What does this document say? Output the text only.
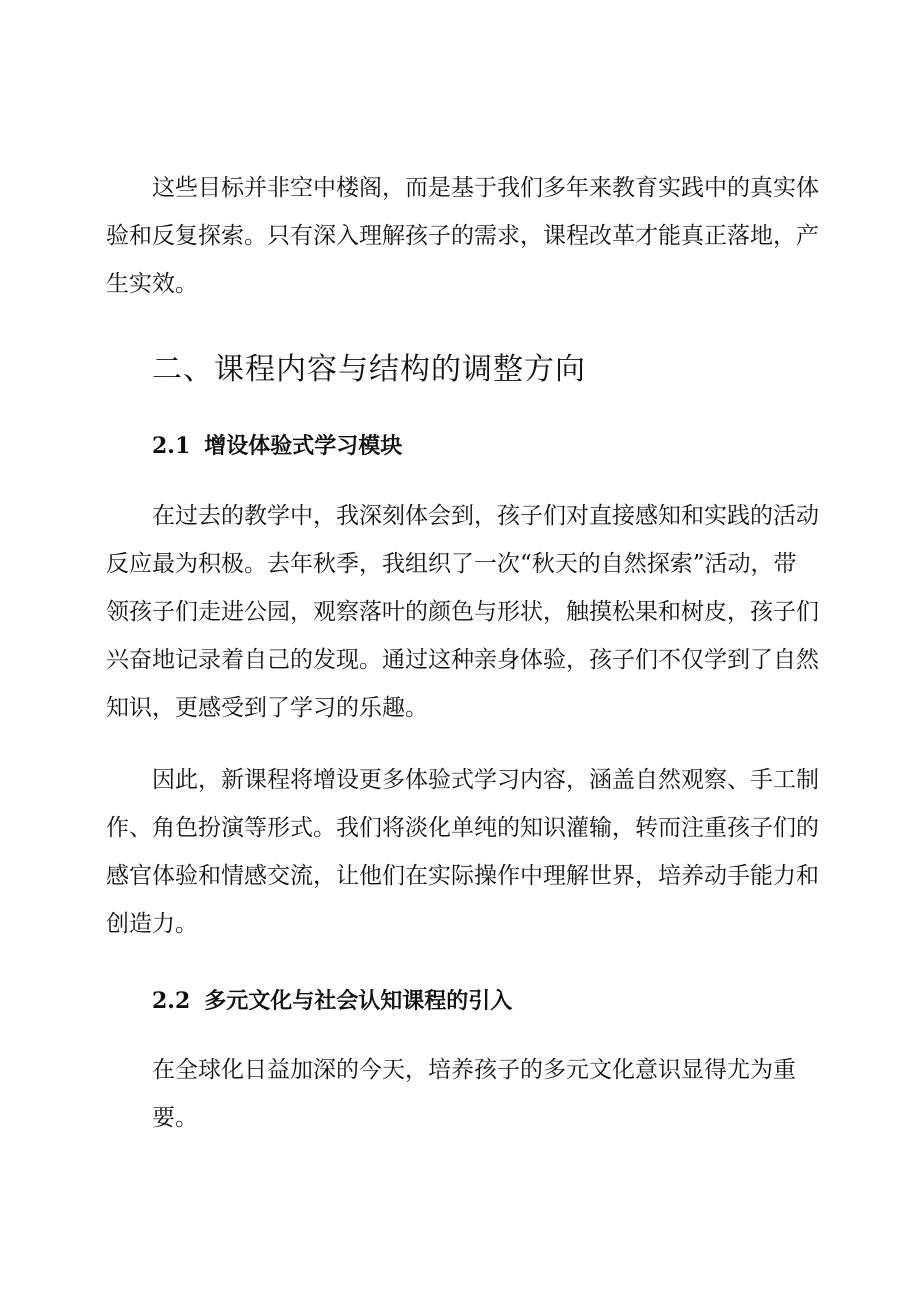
这些目标并非空中楼阁，而是基于我们多年来教育实践中的真实体
验和反复探索。只有深入理解孩子的需求，课程改革才能真正落地，产
生实效。
二、课程内容与结构的调整方向
2.1 增设体验式学习模块
在过去的教学中，我深刻体会到，孩子们对直接感知和实践的活动
反应最为积极。去年秋季，我组织了一次“秋天的自然探索”活动，带
领孩子们走进公园，观察落叶的颜色与形状，触摸松果和树皮，孩子们
兴奋地记录着自己的发现。通过这种亲身体验，孩子们不仅学到了自然
知识，更感受到了学习的乐趣。
因此，新课程将增设更多体验式学习内容，涵盖自然观察、手工制
作、角色扮演等形式。我们将淡化单纯的知识灌输，转而注重孩子们的
感官体验和情感交流，让他们在实际操作中理解世界，培养动手能力和
创造力。
2.2 多元文化与社会认知课程的引入
在全球化日益加深的今天，培养孩子的多元文化意识显得尤为重要。
